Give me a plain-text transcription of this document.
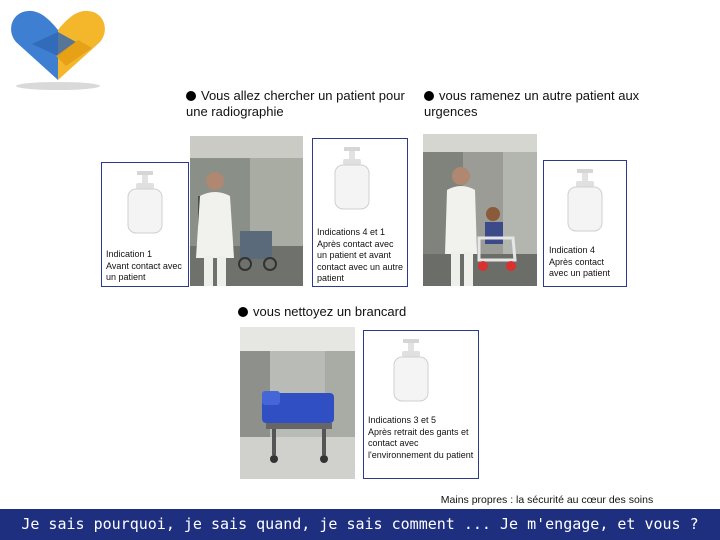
Vous allez chercher un patient pour une radiographie
vous ramenez un autre patient aux urgences
vous nettoyez un brancard
Indication 1
Avant contact avec un patient
Indications 4 et 1
Après contact avec un patient et avant contact avec un autre patient
Indication 4
Après contact avec un patient
Indications 3 et 5
Après retrait des gants et contact avec l'environnement du patient
Mains propres : la sécurité au cœur des soins
Je sais pourquoi, je sais quand, je sais comment ... Je m'engage, et vous ?
